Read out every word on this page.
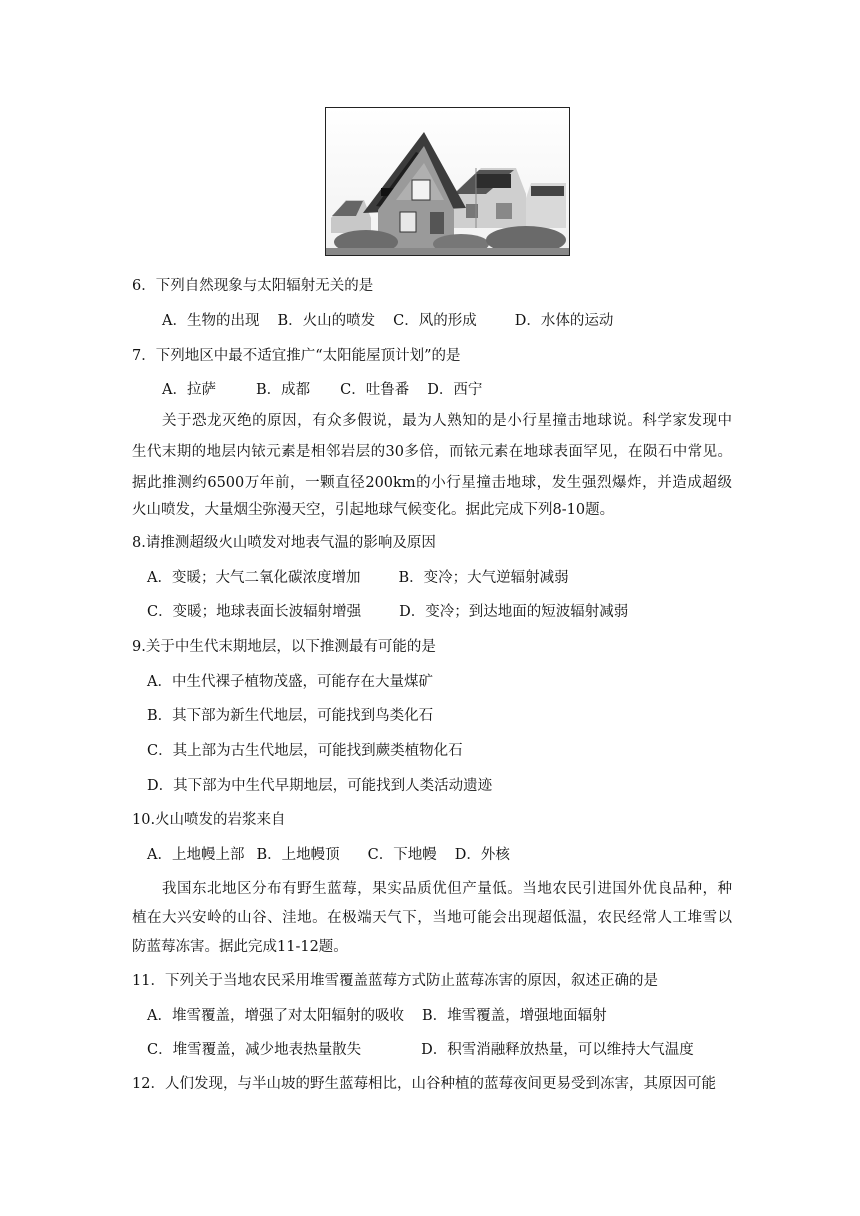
6．下列自然现象与太阳辐射无关的是
A．生物的出现 B．火山的喷发 C．风的形成	D．水体的运动
7．下列地区中最不适宜推广“太阳能屋顶计划”的是
A．拉萨	B．成都 C．吐鲁番 D．西宁
关于恐龙灭绝的原因，有众多假说，最为人熟知的是小行星撞击地球说。科学家发现中
生代末期的地层内铱元素是相邻岩层的30多倍，而铱元素在地球表面罕见，在陨石中常见。
据此推测约6500万年前，一颗直径200km的小行星撞击地球，发生强烈爆炸，并造成超级
火山喷发，大量烟尘弥漫天空，引起地球气候变化。据此完成下列8-10题。
8.请推测超级火山喷发对地表气温的影响及原因
A．变暖；大气二氧化碳浓度增加	B．变冷；大气逆辐射减弱
C．变暖；地球表面长波辐射增强	D．变冷；到达地面的短波辐射减弱
9.关于中生代末期地层，以下推测最有可能的是
A．中生代裸子植物茂盛，可能存在大量煤矿
B．其下部为新生代地层，可能找到鸟类化石
C．其上部为古生代地层，可能找到蕨类植物化石
D．其下部为中生代早期地层，可能找到人类活动遗迹
10.火山喷发的岩浆来自
A．上地幔上部 B．上地幔顶 C．下地幔 D．外核
我国东北地区分布有野生蓝莓，果实品质优但产量低。当地农民引进国外优良品种，种
植在大兴安岭的山谷、洼地。在极端天气下，当地可能会出现超低温，农民经常人工堆雪以
防蓝莓冻害。据此完成11-12题。
11．下列关于当地农民采用堆雪覆盖蓝莓方式防止蓝莓冻害的原因，叙述正确的是
A．堆雪覆盖，增强了对太阳辐射的吸收 B．堆雪覆盖，增强地面辐射
C．堆雪覆盖，减少地表热量散失	D．积雪消融释放热量，可以维持大气温度
12．人们发现，与半山坡的野生蓝莓相比，山谷种植的蓝莓夜间更易受到冻害，其原因可能
